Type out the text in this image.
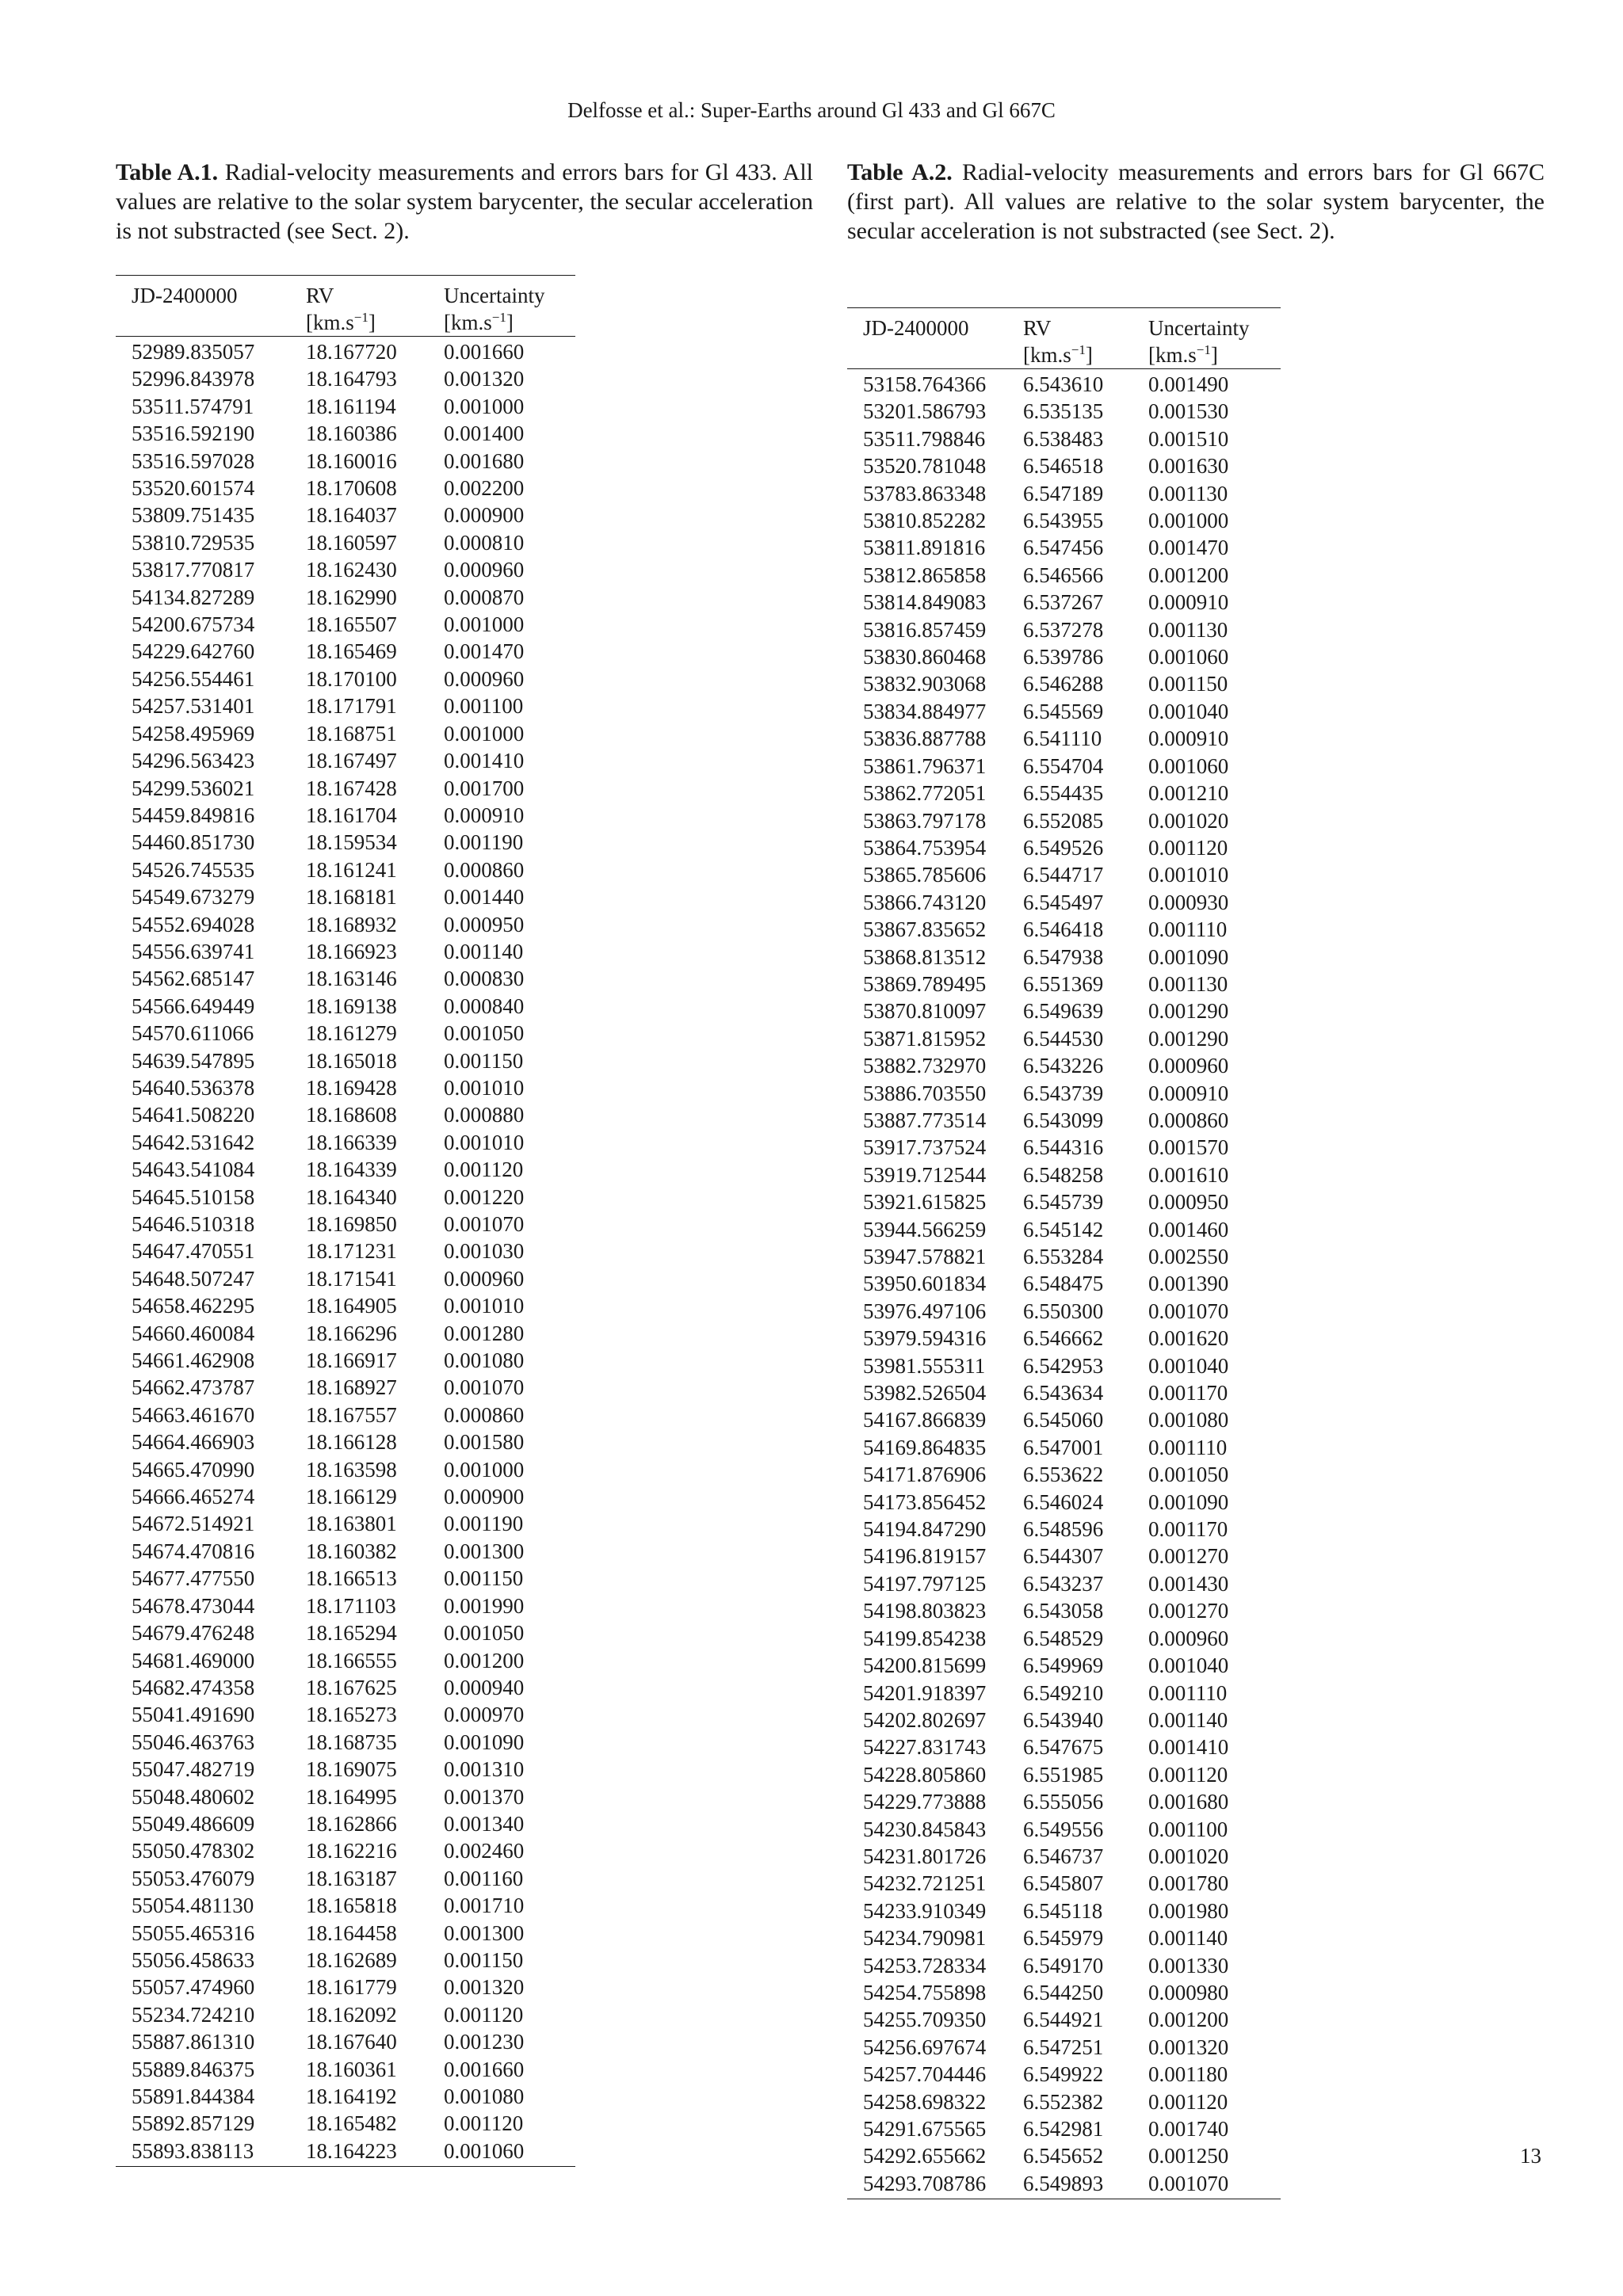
Delfosse et al.: Super-Earths around Gl 433 and Gl 667C

Table A.1. Radial-velocity measurements and errors bars for Gl 433. All values are relative to the solar system barycenter, the secular acceleration is not substracted (see Sect. 2).

JD-2400000	RV	Uncertainty
	$[km.s^{-1}]$	$[km.s^{-1}]$
52989.835057	18.167720	0.001660
52996.843978	18.164793	0.001320
53511.574791	18.161194	0.001000
53516.592190	18.160386	0.001400
53516.597028	18.160016	0.001680
53520.601574	18.170608	0.002200
53809.751435	18.164037	0.000900
53810.729535	18.160597	0.000810
53817.770817	18.162430	0.000960
54134.827289	18.162990	0.000870
54200.675734	18.165507	0.001000
54229.642760	18.165469	0.001470
54256.554461	18.170100	0.000960
54257.531401	18.171791	0.001100
54258.495969	18.168751	0.001000
54296.563423	18.167497	0.001410
54299.536021	18.167428	0.001700
54459.849816	18.161704	0.000910
54460.851730	18.159534	0.001190
54526.745535	18.161241	0.000860
54549.673279	18.168181	0.001440
54552.694028	18.168932	0.000950
54556.639741	18.166923	0.001140
54562.685147	18.163146	0.000830
54566.649449	18.169138	0.000840
54570.611066	18.161279	0.001050
54639.547895	18.165018	0.001150
54640.536378	18.169428	0.001010
54641.508220	18.168608	0.000880
54642.531642	18.166339	0.001010
54643.541084	18.164339	0.001120
54645.510158	18.164340	0.001220
54646.510318	18.169850	0.001070
54647.470551	18.171231	0.001030
54648.507247	18.171541	0.000960
54658.462295	18.164905	0.001010
54660.460084	18.166296	0.001280
54661.462908	18.166917	0.001080
54662.473787	18.168927	0.001070
54663.461670	18.167557	0.000860
54664.466903	18.166128	0.001580
54665.470990	18.163598	0.001000
54666.465274	18.166129	0.000900
54672.514921	18.163801	0.001190
54674.470816	18.160382	0.001300
54677.477550	18.166513	0.001150
54678.473044	18.171103	0.001990
54679.476248	18.165294	0.001050
54681.469000	18.166555	0.001200
54682.474358	18.167625	0.000940
55041.491690	18.165273	0.000970
55046.463763	18.168735	0.001090
55047.482719	18.169075	0.001310
55048.480602	18.164995	0.001370
55049.486609	18.162866	0.001340
55050.478302	18.162216	0.002460
55053.476079	18.163187	0.001160
55054.481130	18.165818	0.001710
55055.465316	18.164458	0.001300
55056.458633	18.162689	0.001150
55057.474960	18.161779	0.001320
55234.724210	18.162092	0.001120
55887.861310	18.167640	0.001230
55889.846375	18.160361	0.001660
55891.844384	18.164192	0.001080
55892.857129	18.165482	0.001120
55893.838113	18.164223	0.001060

Table A.2. Radial-velocity measurements and errors bars for Gl 667C (first part). All values are relative to the solar system barycenter, the secular acceleration is not substracted (see Sect. 2).

JD-2400000	RV	Uncertainty
	$[km.s^{-1}]$	$[km.s^{-1}]$
53158.764366	6.543610	0.001490
53201.586793	6.535135	0.001530
53511.798846	6.538483	0.001510
53520.781048	6.546518	0.001630
53783.863348	6.547189	0.001130
53810.852282	6.543955	0.001000
53811.891816	6.547456	0.001470
53812.865858	6.546566	0.001200
53814.849083	6.537267	0.000910
53816.857459	6.537278	0.001130
53830.860468	6.539786	0.001060
53832.903068	6.546288	0.001150
53834.884977	6.545569	0.001040
53836.887788	6.541110	0.000910
53861.796371	6.554704	0.001060
53862.772051	6.554435	0.001210
53863.797178	6.552085	0.001020
53864.753954	6.549526	0.001120
53865.785606	6.544717	0.001010
53866.743120	6.545497	0.000930
53867.835652	6.546418	0.001110
53868.813512	6.547938	0.001090
53869.789495	6.551369	0.001130
53870.810097	6.549639	0.001290
53871.815952	6.544530	0.001290
53882.732970	6.543226	0.000960
53886.703550	6.543739	0.000910
53887.773514	6.543099	0.000860
53917.737524	6.544316	0.001570
53919.712544	6.548258	0.001610
53921.615825	6.545739	0.000950
53944.566259	6.545142	0.001460
53947.578821	6.553284	0.002550
53950.601834	6.548475	0.001390
53976.497106	6.550300	0.001070
53979.594316	6.546662	0.001620
53981.555311	6.542953	0.001040
53982.526504	6.543634	0.001170
54167.866839	6.545060	0.001080
54169.864835	6.547001	0.001110
54171.876906	6.553622	0.001050
54173.856452	6.546024	0.001090
54194.847290	6.548596	0.001170
54196.819157	6.544307	0.001270
54197.797125	6.543237	0.001430
54198.803823	6.543058	0.001270
54199.854238	6.548529	0.000960
54200.815699	6.549969	0.001040
54201.918397	6.549210	0.001110
54202.802697	6.543940	0.001140
54227.831743	6.547675	0.001410
54228.805860	6.551985	0.001120
54229.773888	6.555056	0.001680
54230.845843	6.549556	0.001100
54231.801726	6.546737	0.001020
54232.721251	6.545807	0.001780
54233.910349	6.545118	0.001980
54234.790981	6.545979	0.001140
54253.728334	6.549170	0.001330
54254.755898	6.544250	0.000980
54255.709350	6.544921	0.001200
54256.697674	6.547251	0.001320
54257.704446	6.549922	0.001180
54258.698322	6.552382	0.001120
54291.675565	6.542981	0.001740
54292.655662	6.545652	0.001250
54293.708786	6.549893	0.001070
13
